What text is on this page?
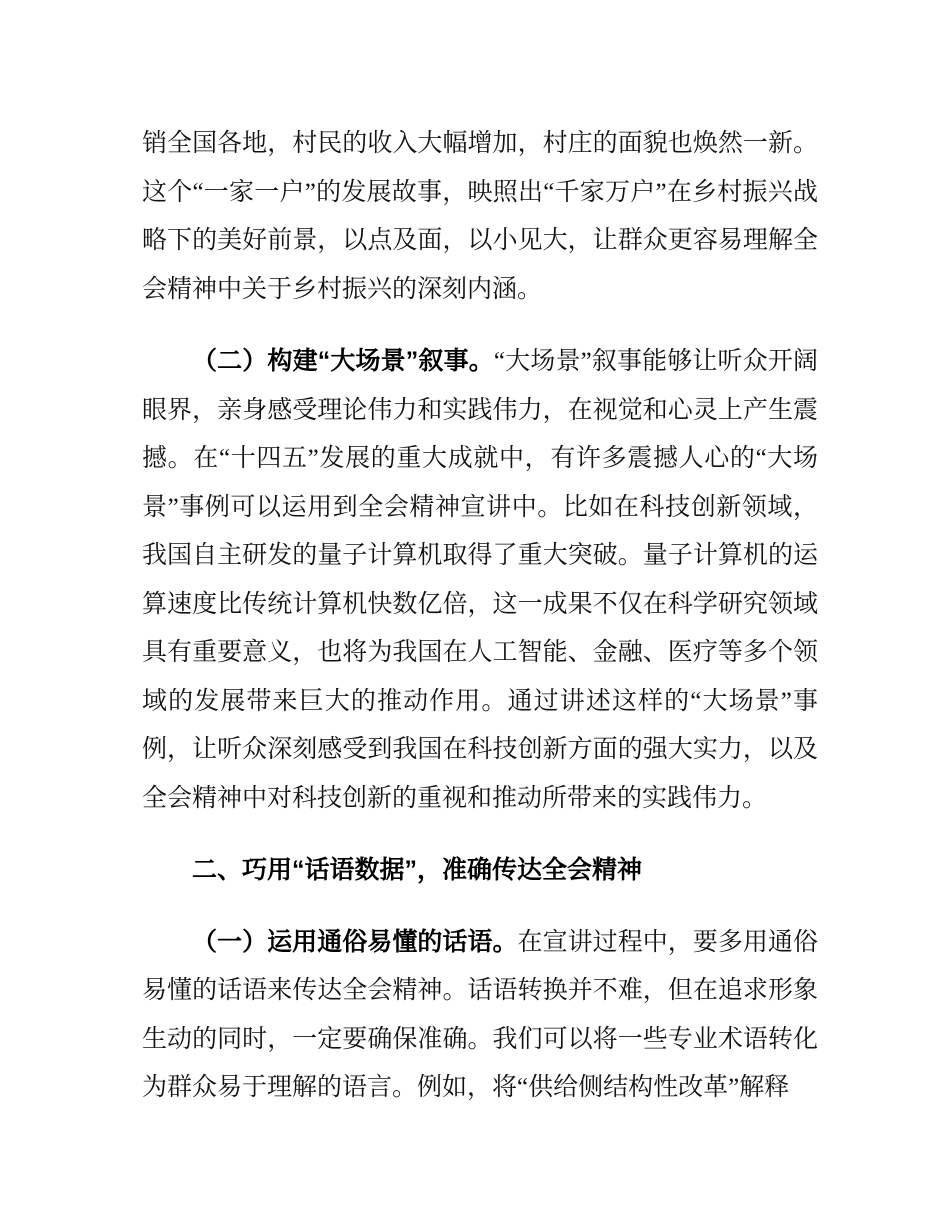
销全国各地，村民的收入大幅增加，村庄的面貌也焕然一新。这个“一家一户”的发展故事，映照出“千家万户”在乡村振兴战略下的美好前景，以点及面，以小见大，让群众更容易理解全会精神中关于乡村振兴的深刻内涵。

（二）构建“大场景”叙事。“大场景”叙事能够让听众开阔眼界，亲身感受理论伟力和实践伟力，在视觉和心灵上产生震撼。在“十四五”发展的重大成就中，有许多震撼人心的“大场景”事例可以运用到全会精神宣讲中。比如在科技创新领域，我国自主研发的量子计算机取得了重大突破。量子计算机的运算速度比传统计算机快数亿倍，这一成果不仅在科学研究领域具有重要意义，也将为我国在人工智能、金融、医疗等多个领域的发展带来巨大的推动作用。通过讲述这样的“大场景”事例，让听众深刻感受到我国在科技创新方面的强大实力，以及全会精神中对科技创新的重视和推动所带来的实践伟力。

二、巧用“话语数据”，准确传达全会精神

（一）运用通俗易懂的话语。在宣讲过程中，要多用通俗易懂的话语来传达全会精神。话语转换并不难，但在追求形象生动的同时，一定要确保准确。我们可以将一些专业术语转化为群众易于理解的语言。例如，将“供给侧结构性改革”解释
